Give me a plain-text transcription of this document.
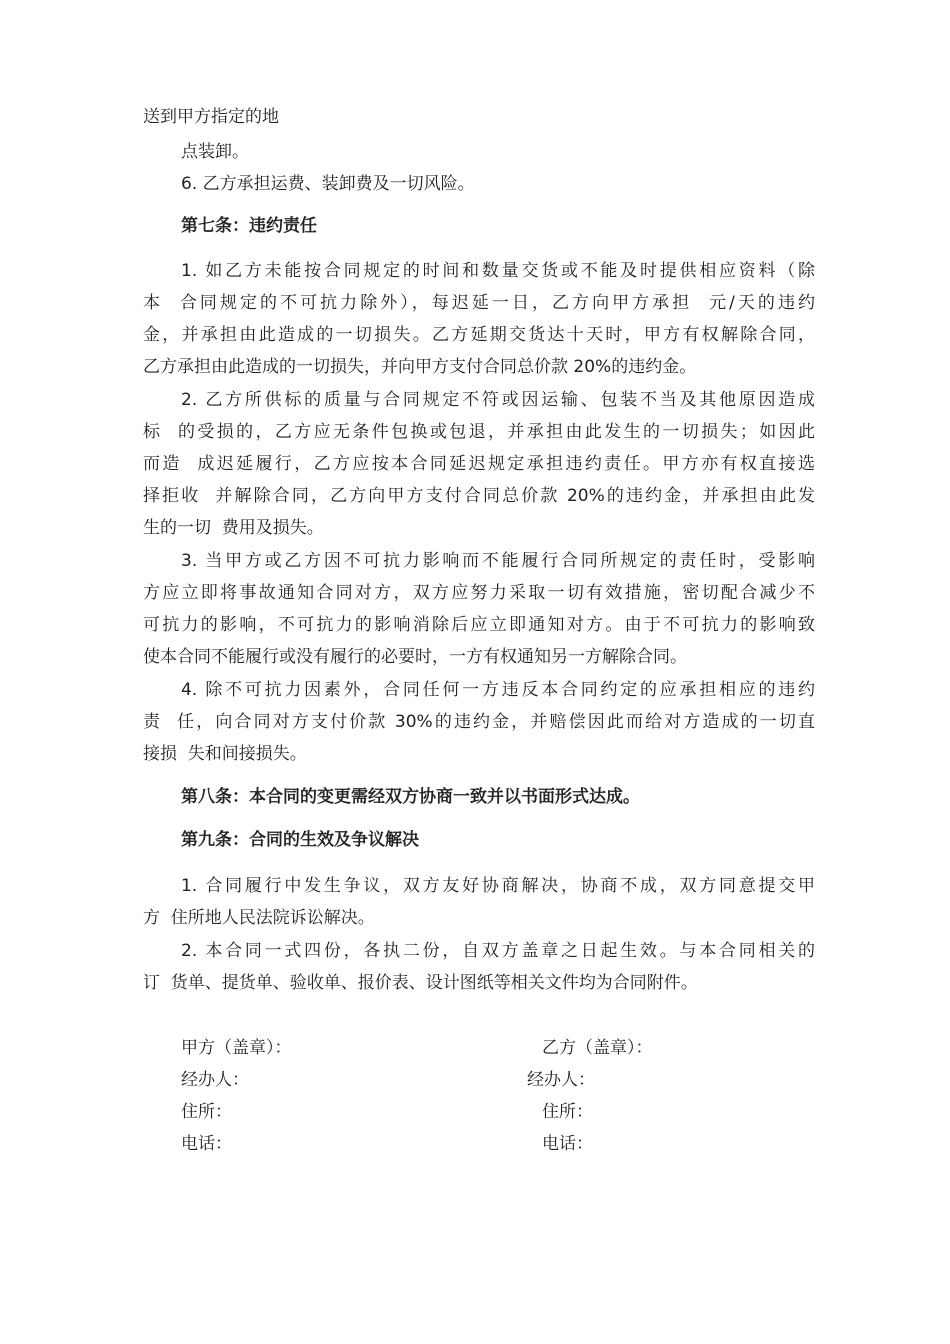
送到甲方指定的地
点装卸。
6. 乙方承担运费、装卸费及一切风险。
第七条：违约责任
1. 如乙方未能按合同规定的时间和数量交货或不能及时提供相应资料（除
本  合同规定的不可抗力除外），每迟延一日，乙方向甲方承担  元/天的违约
金，并承担由此造成的一切损失。乙方延期交货达十天时，甲方有权解除合同，
乙方承担由此造成的一切损失，并向甲方支付合同总价款 20%的违约金。
2. 乙方所供标的质量与合同规定不符或因运输、包装不当及其他原因造成
标  的受损的，乙方应无条件包换或包退，并承担由此发生的一切损失；如因此
而造  成迟延履行，乙方应按本合同延迟规定承担违约责任。甲方亦有权直接选
择拒收  并解除合同，乙方向甲方支付合同总价款 20%的违约金，并承担由此发
生的一切  费用及损失。
3. 当甲方或乙方因不可抗力影响而不能履行合同所规定的责任时，受影响
方应立即将事故通知合同对方，双方应努力采取一切有效措施，密切配合减少不
可抗力的影响，不可抗力的影响消除后应立即通知对方。由于不可抗力的影响致
使本合同不能履行或没有履行的必要时，一方有权通知另一方解除合同。
4. 除不可抗力因素外，合同任何一方违反本合同约定的应承担相应的违约
责  任，向合同对方支付价款 30%的违约金，并赔偿因此而给对方造成的一切直
接损  失和间接损失。
第八条：本合同的变更需经双方协商一致并以书面形式达成。
第九条：合同的生效及争议解决
1. 合同履行中发生争议，双方友好协商解决，协商不成，双方同意提交甲
方  住所地人民法院诉讼解决。
2. 本合同一式四份，各执二份，自双方盖章之日起生效。与本合同相关的
订  货单、提货单、验收单、报价表、设计图纸等相关文件均为合同附件。
甲方（盖章）：
经办人：
住所：
电话：
乙方（盖章）：
经办人：
住所：
电话：
